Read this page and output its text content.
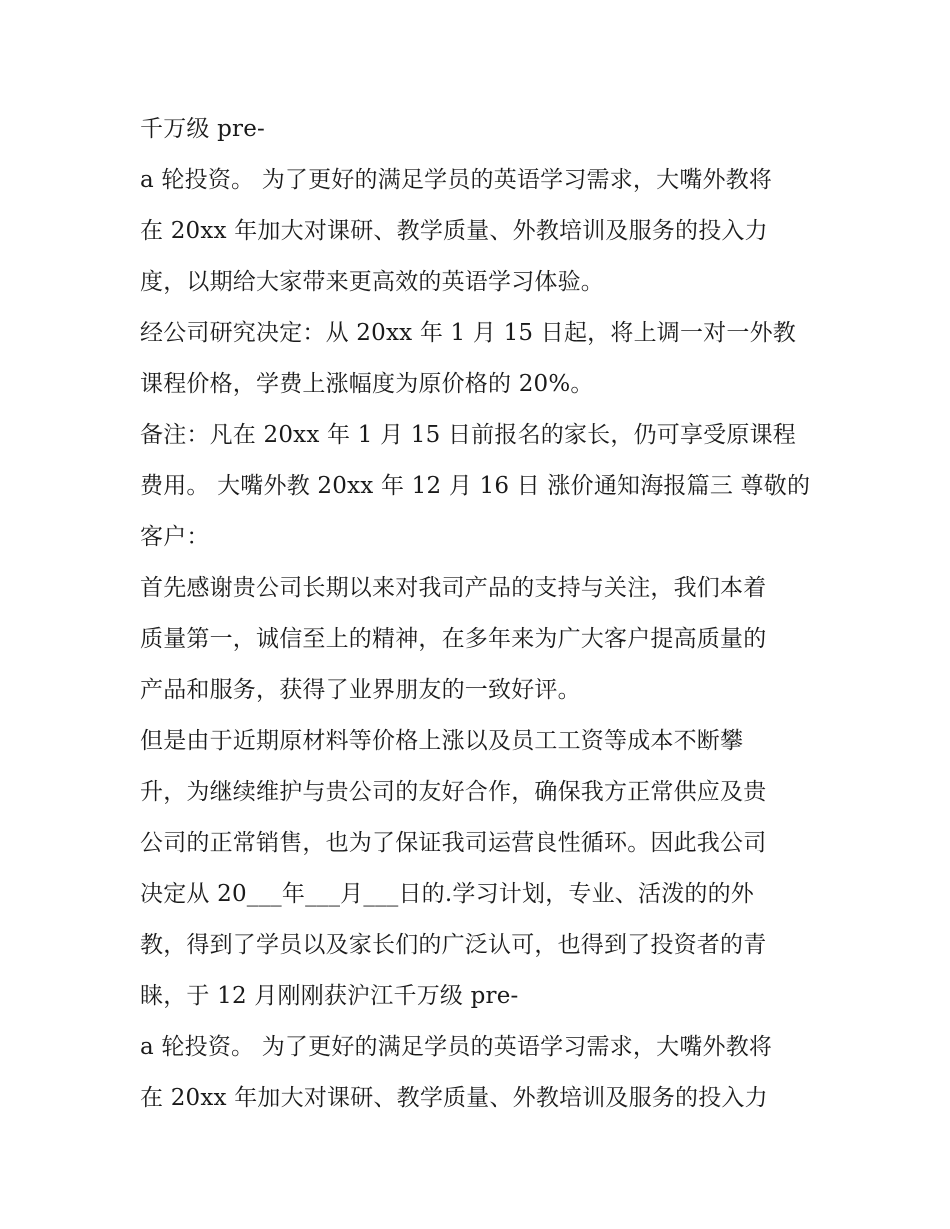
千万级 pre-
a 轮投资。 为了更好的满足学员的英语学习需求，大嘴外教将
在 20xx 年加大对课研、教学质量、外教培训及服务的投入力
度，以期给大家带来更高效的英语学习体验。
经公司研究决定：从 20xx 年 1 月 15 日起，将上调一对一外教
课程价格，学费上涨幅度为原价格的 20%。
备注：凡在 20xx 年 1 月 15 日前报名的家长，仍可享受原课程
费用。 大嘴外教 20xx 年 12 月 16 日 涨价通知海报篇三 尊敬的
客户：
首先感谢贵公司长期以来对我司产品的支持与关注，我们本着
质量第一，诚信至上的精神，在多年来为广大客户提高质量的
产品和服务，获得了业界朋友的一致好评。
但是由于近期原材料等价格上涨以及员工工资等成本不断攀
升，为继续维护与贵公司的友好合作，确保我方正常供应及贵
公司的正常销售，也为了保证我司运营良性循环。因此我公司
决定从 20___年___月___日的.学习计划，专业、活泼的的外
教，得到了学员以及家长们的广泛认可，也得到了投资者的青
睐，于 12 月刚刚获沪江千万级 pre-
a 轮投资。 为了更好的满足学员的英语学习需求，大嘴外教将
在 20xx 年加大对课研、教学质量、外教培训及服务的投入力
